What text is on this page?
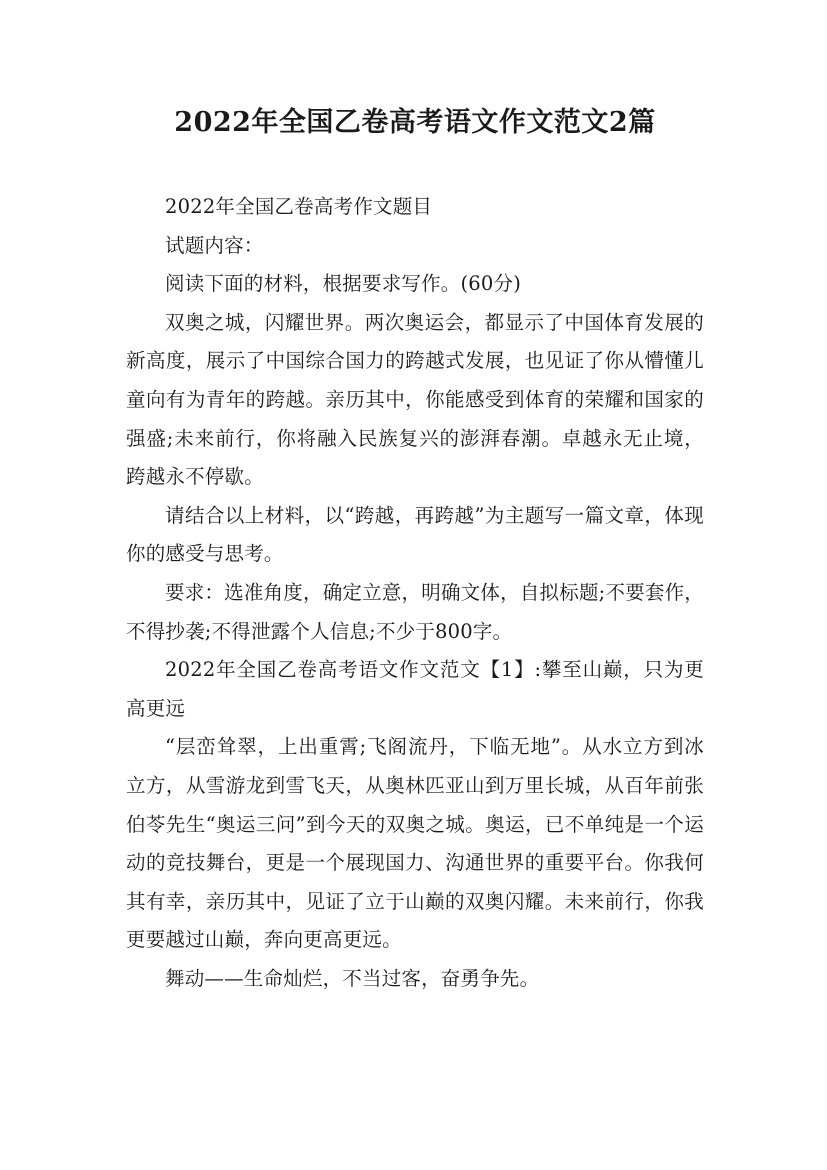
2022年全国乙卷高考语文作文范文2篇

2022年全国乙卷高考作文题目

试题内容：

阅读下面的材料，根据要求写作。(60分)

双奥之城，闪耀世界。两次奥运会，都显示了中国体育发展的新高度，展示了中国综合国力的跨越式发展，也见证了你从懵懂儿童向有为青年的跨越。亲历其中，你能感受到体育的荣耀和国家的强盛;未来前行，你将融入民族复兴的澎湃春潮。卓越永无止境，跨越永不停歇。

请结合以上材料，以“跨越，再跨越”为主题写一篇文章，体现你的感受与思考。

要求：选准角度，确定立意，明确文体，自拟标题;不要套作，不得抄袭;不得泄露个人信息;不少于800字。

2022年全国乙卷高考语文作文范文【1】:攀至山巅，只为更高更远

“层峦耸翠，上出重霄;飞阁流丹，下临无地”。从水立方到冰立方，从雪游龙到雪飞天，从奥林匹亚山到万里长城，从百年前张伯苓先生“奥运三问”到今天的双奥之城。奥运，已不单纯是一个运动的竞技舞台，更是一个展现国力、沟通世界的重要平台。你我何其有幸，亲历其中，见证了立于山巅的双奥闪耀。未来前行，你我更要越过山巅，奔向更高更远。

舞动——生命灿烂，不当过客，奋勇争先。
